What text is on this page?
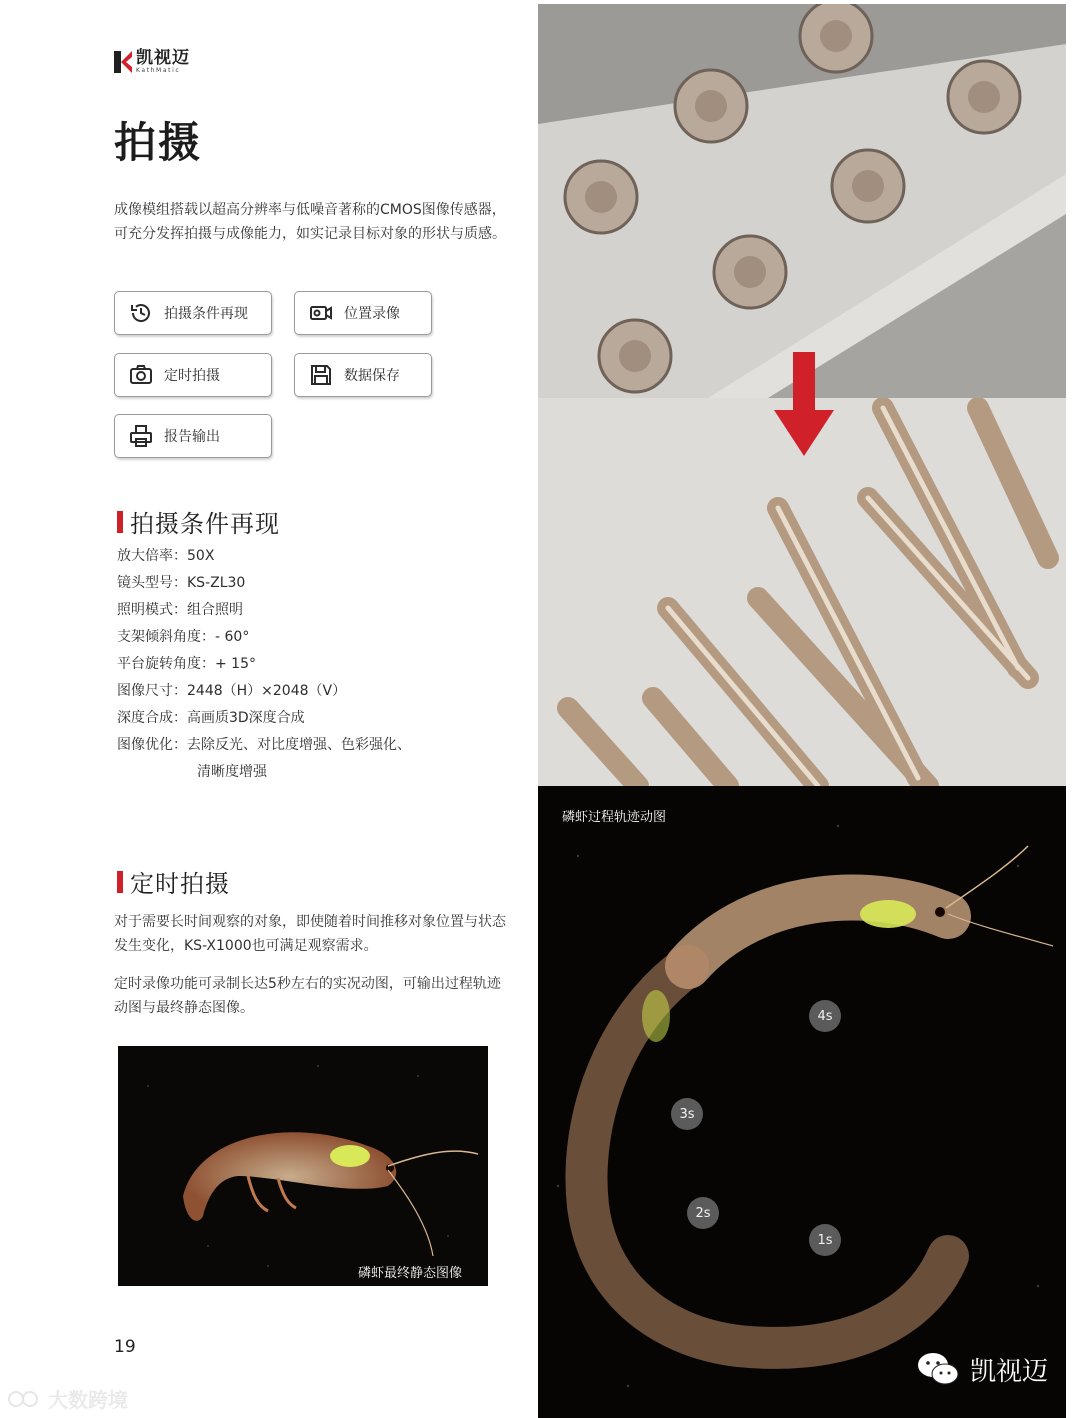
凯视迈
KathMatic
拍摄
成像模组搭载以超高分辨率与低噪音著称的CMOS图像传感器，可充分发挥拍摄与成像能力，如实记录目标对象的形状与质感。
拍摄条件再现	位置录像
定时拍摄	数据保存
报告输出
拍摄条件再现
放大倍率： 50X
镜头型号： KS-ZL30
照明模式： 组合照明
支架倾斜角度： - 60°
平台旋转角度： + 15°
图像尺寸： 2448（H）×2048（V）
深度合成： 高画质3D深度合成
图像优化： 去除反光、对比度增强、色彩强化、
清晰度增强
定时拍摄
对于需要长时间观察的对象，即使随着时间推移对象位置与状态发生变化，KS-X1000也可满足观察需求。
定时录像功能可录制长达5秒左右的实况动图，可输出过程轨迹动图与最终静态图像。
磷虾最终静态图像
磷虾过程轨迹动图
4s
3s
2s
1s
19
大数跨境
凯视迈
